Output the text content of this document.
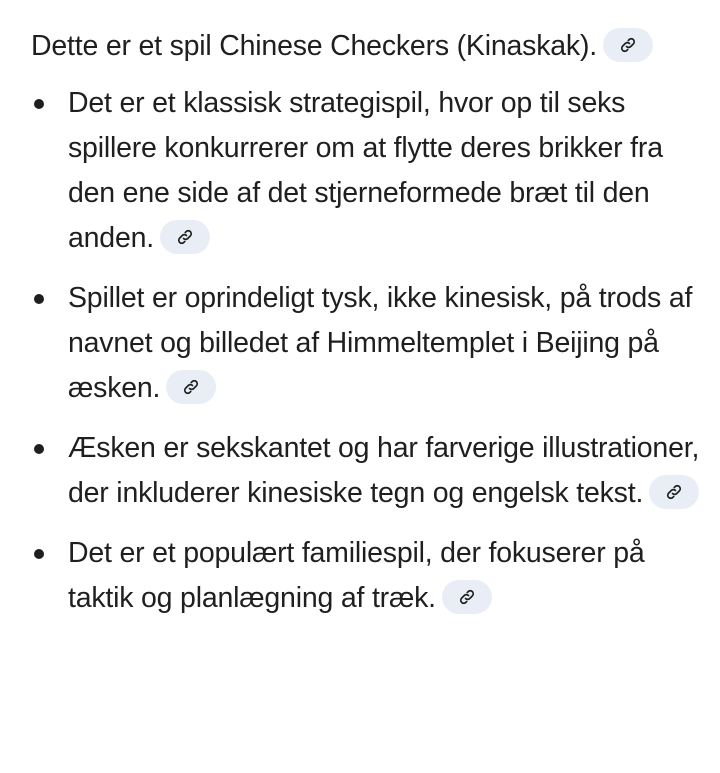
Dette er et spil Chinese Checkers (Kinaskak).

Det er et klassisk strategispil, hvor op til seks spillere konkurrerer om at flytte deres brikker fra den ene side af det stjerneformede bræt til den anden.
Spillet er oprindeligt tysk, ikke kinesisk, på trods af navnet og billedet af Himmeltemplet i Beijing på æsken.
Æsken er sekskantet og har farverige illustrationer, der inkluderer kinesiske tegn og engelsk tekst.
Det er et populært familiespil, der fokuserer på taktik og planlægning af træk.
